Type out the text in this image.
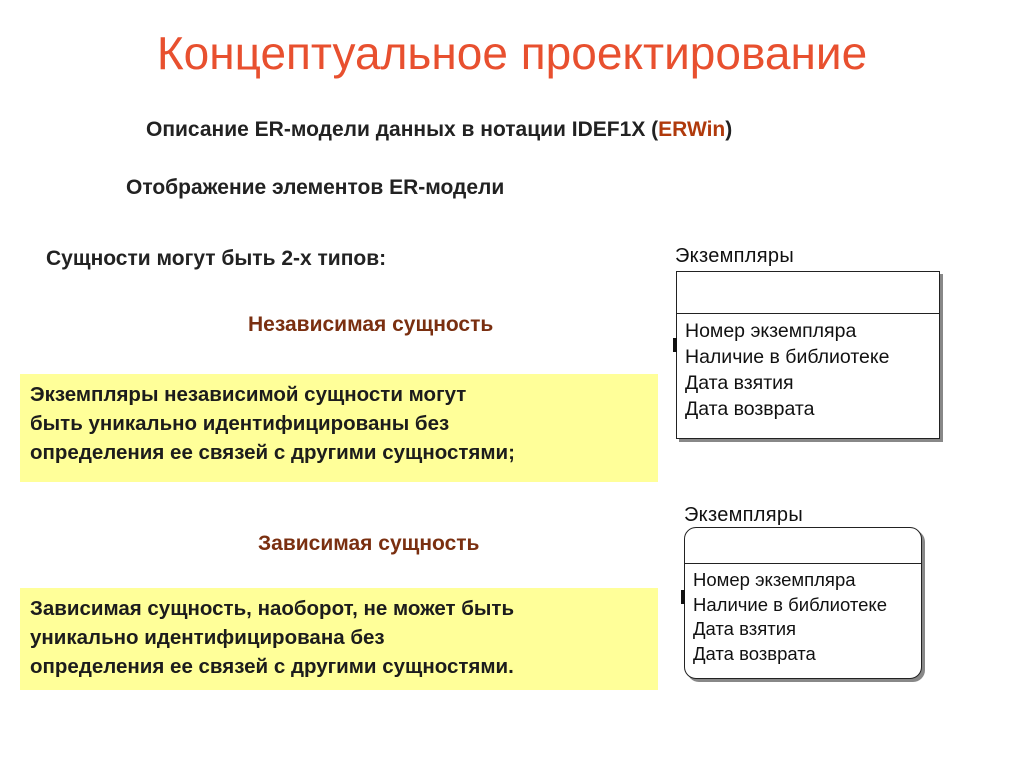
Концептуальное проектирование
Описание ER-модели данных в нотации IDEF1X (ERWin)
Отображение элементов ER-модели
Сущности могут быть 2-х типов:
Независимая сущность
Экземпляры независимой сущности могут
быть уникально идентифицированы без
определения ее связей с другими сущностями;
Зависимая сущность
Зависимая сущность, наоборот, не может быть
уникально идентифицирована без
определения ее связей с другими сущностями.
Экземпляры
Номер экземпляра
Наличие в библиотеке
Дата взятия
Дата возврата
Экземпляры
Номер экземпляра
Наличие в библиотеке
Дата взятия
Дата возврата
